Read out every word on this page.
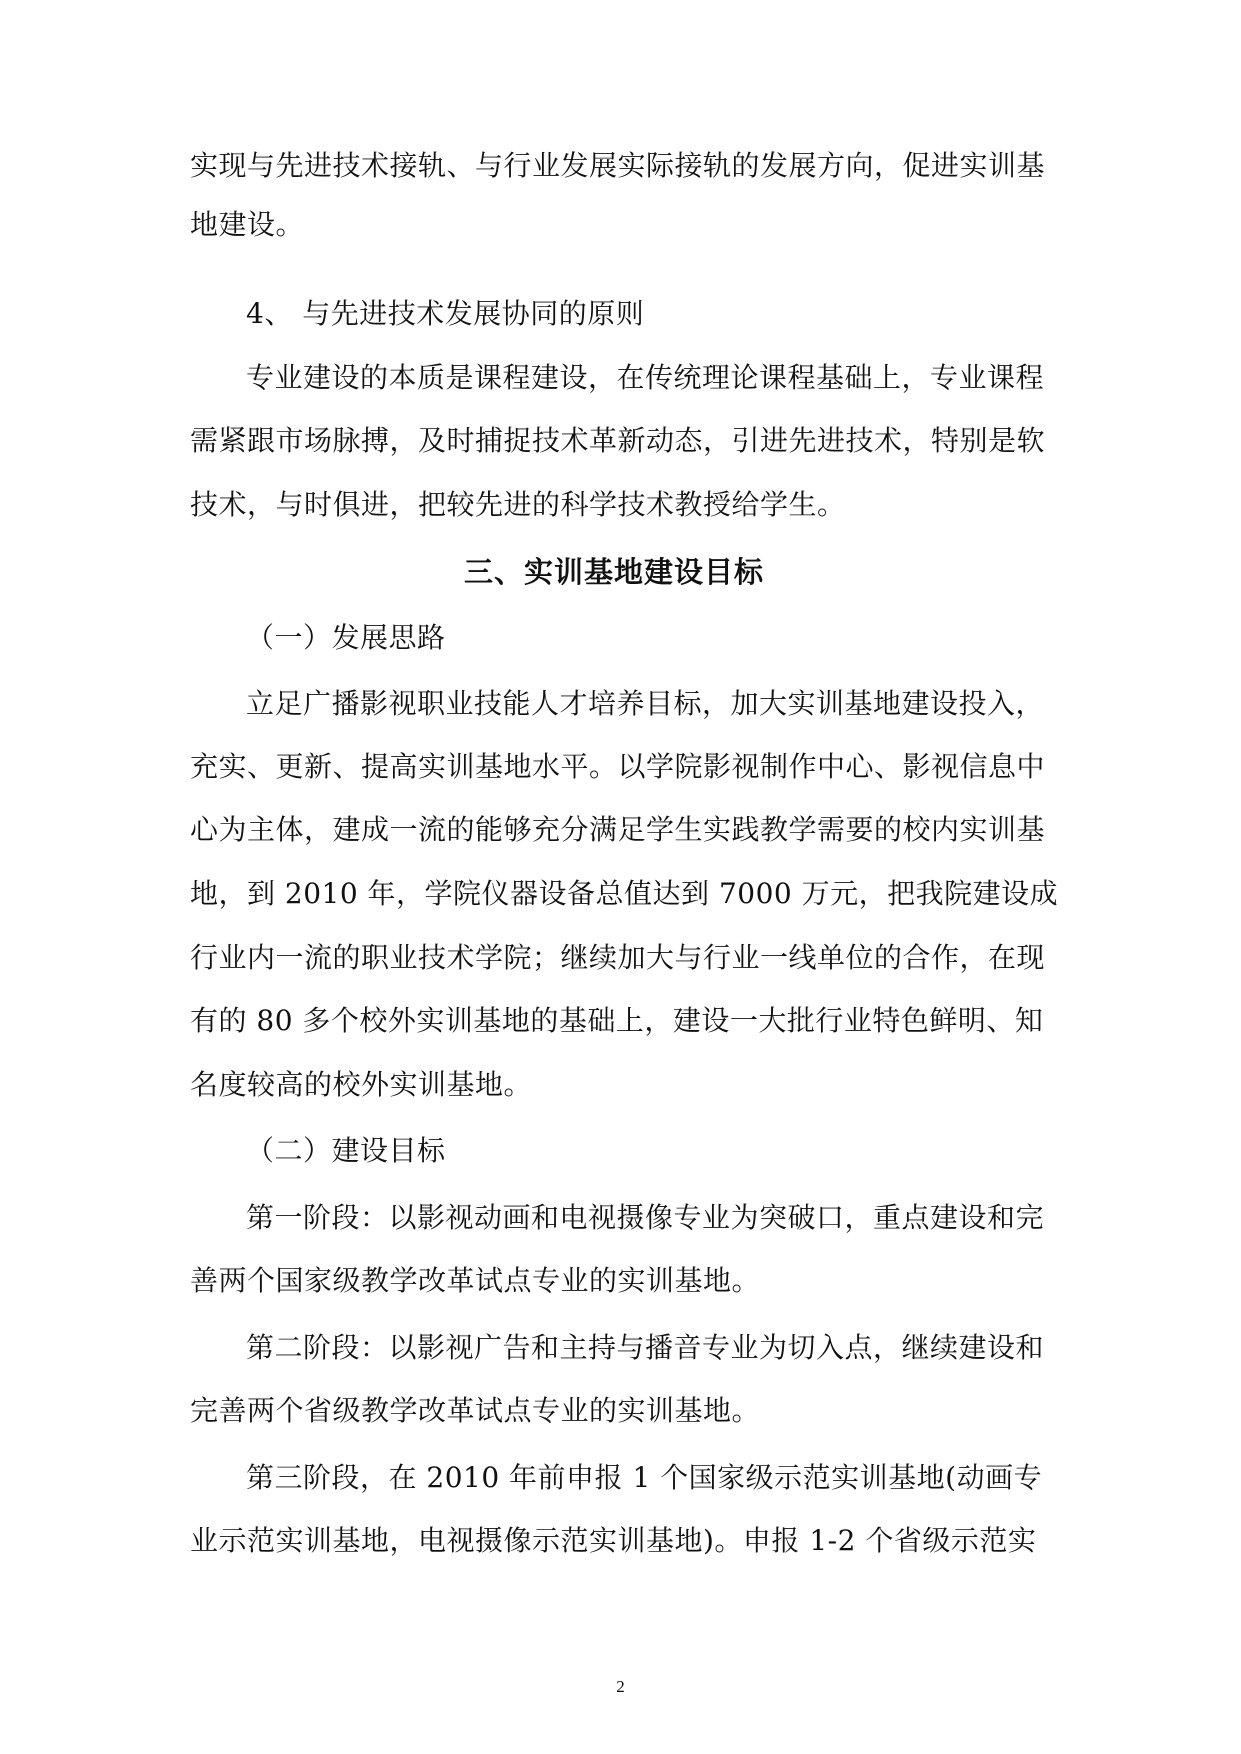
实现与先进技术接轨、与行业发展实际接轨的发展方向，促进实训基
地建设。
4、 与先进技术发展协同的原则
专业建设的本质是课程建设，在传统理论课程基础上，专业课程
需紧跟市场脉搏，及时捕捉技术革新动态，引进先进技术，特别是软
技术，与时俱进，把较先进的科学技术教授给学生。
三、实训基地建设目标
（一）发展思路
立足广播影视职业技能人才培养目标，加大实训基地建设投入，
充实、更新、提高实训基地水平。以学院影视制作中心、影视信息中
心为主体，建成一流的能够充分满足学生实践教学需要的校内实训基
地，到 2010 年，学院仪器设备总值达到 7000 万元，把我院建设成
行业内一流的职业技术学院；继续加大与行业一线单位的合作，在现
有的 80 多个校外实训基地的基础上，建设一大批行业特色鲜明、知
名度较高的校外实训基地。
（二）建设目标
第一阶段：以影视动画和电视摄像专业为突破口，重点建设和完
善两个国家级教学改革试点专业的实训基地。
第二阶段：以影视广告和主持与播音专业为切入点，继续建设和
完善两个省级教学改革试点专业的实训基地。
第三阶段，在 2010 年前申报 1 个国家级示范实训基地(动画专
业示范实训基地，电视摄像示范实训基地)。申报 1-2 个省级示范实
2
